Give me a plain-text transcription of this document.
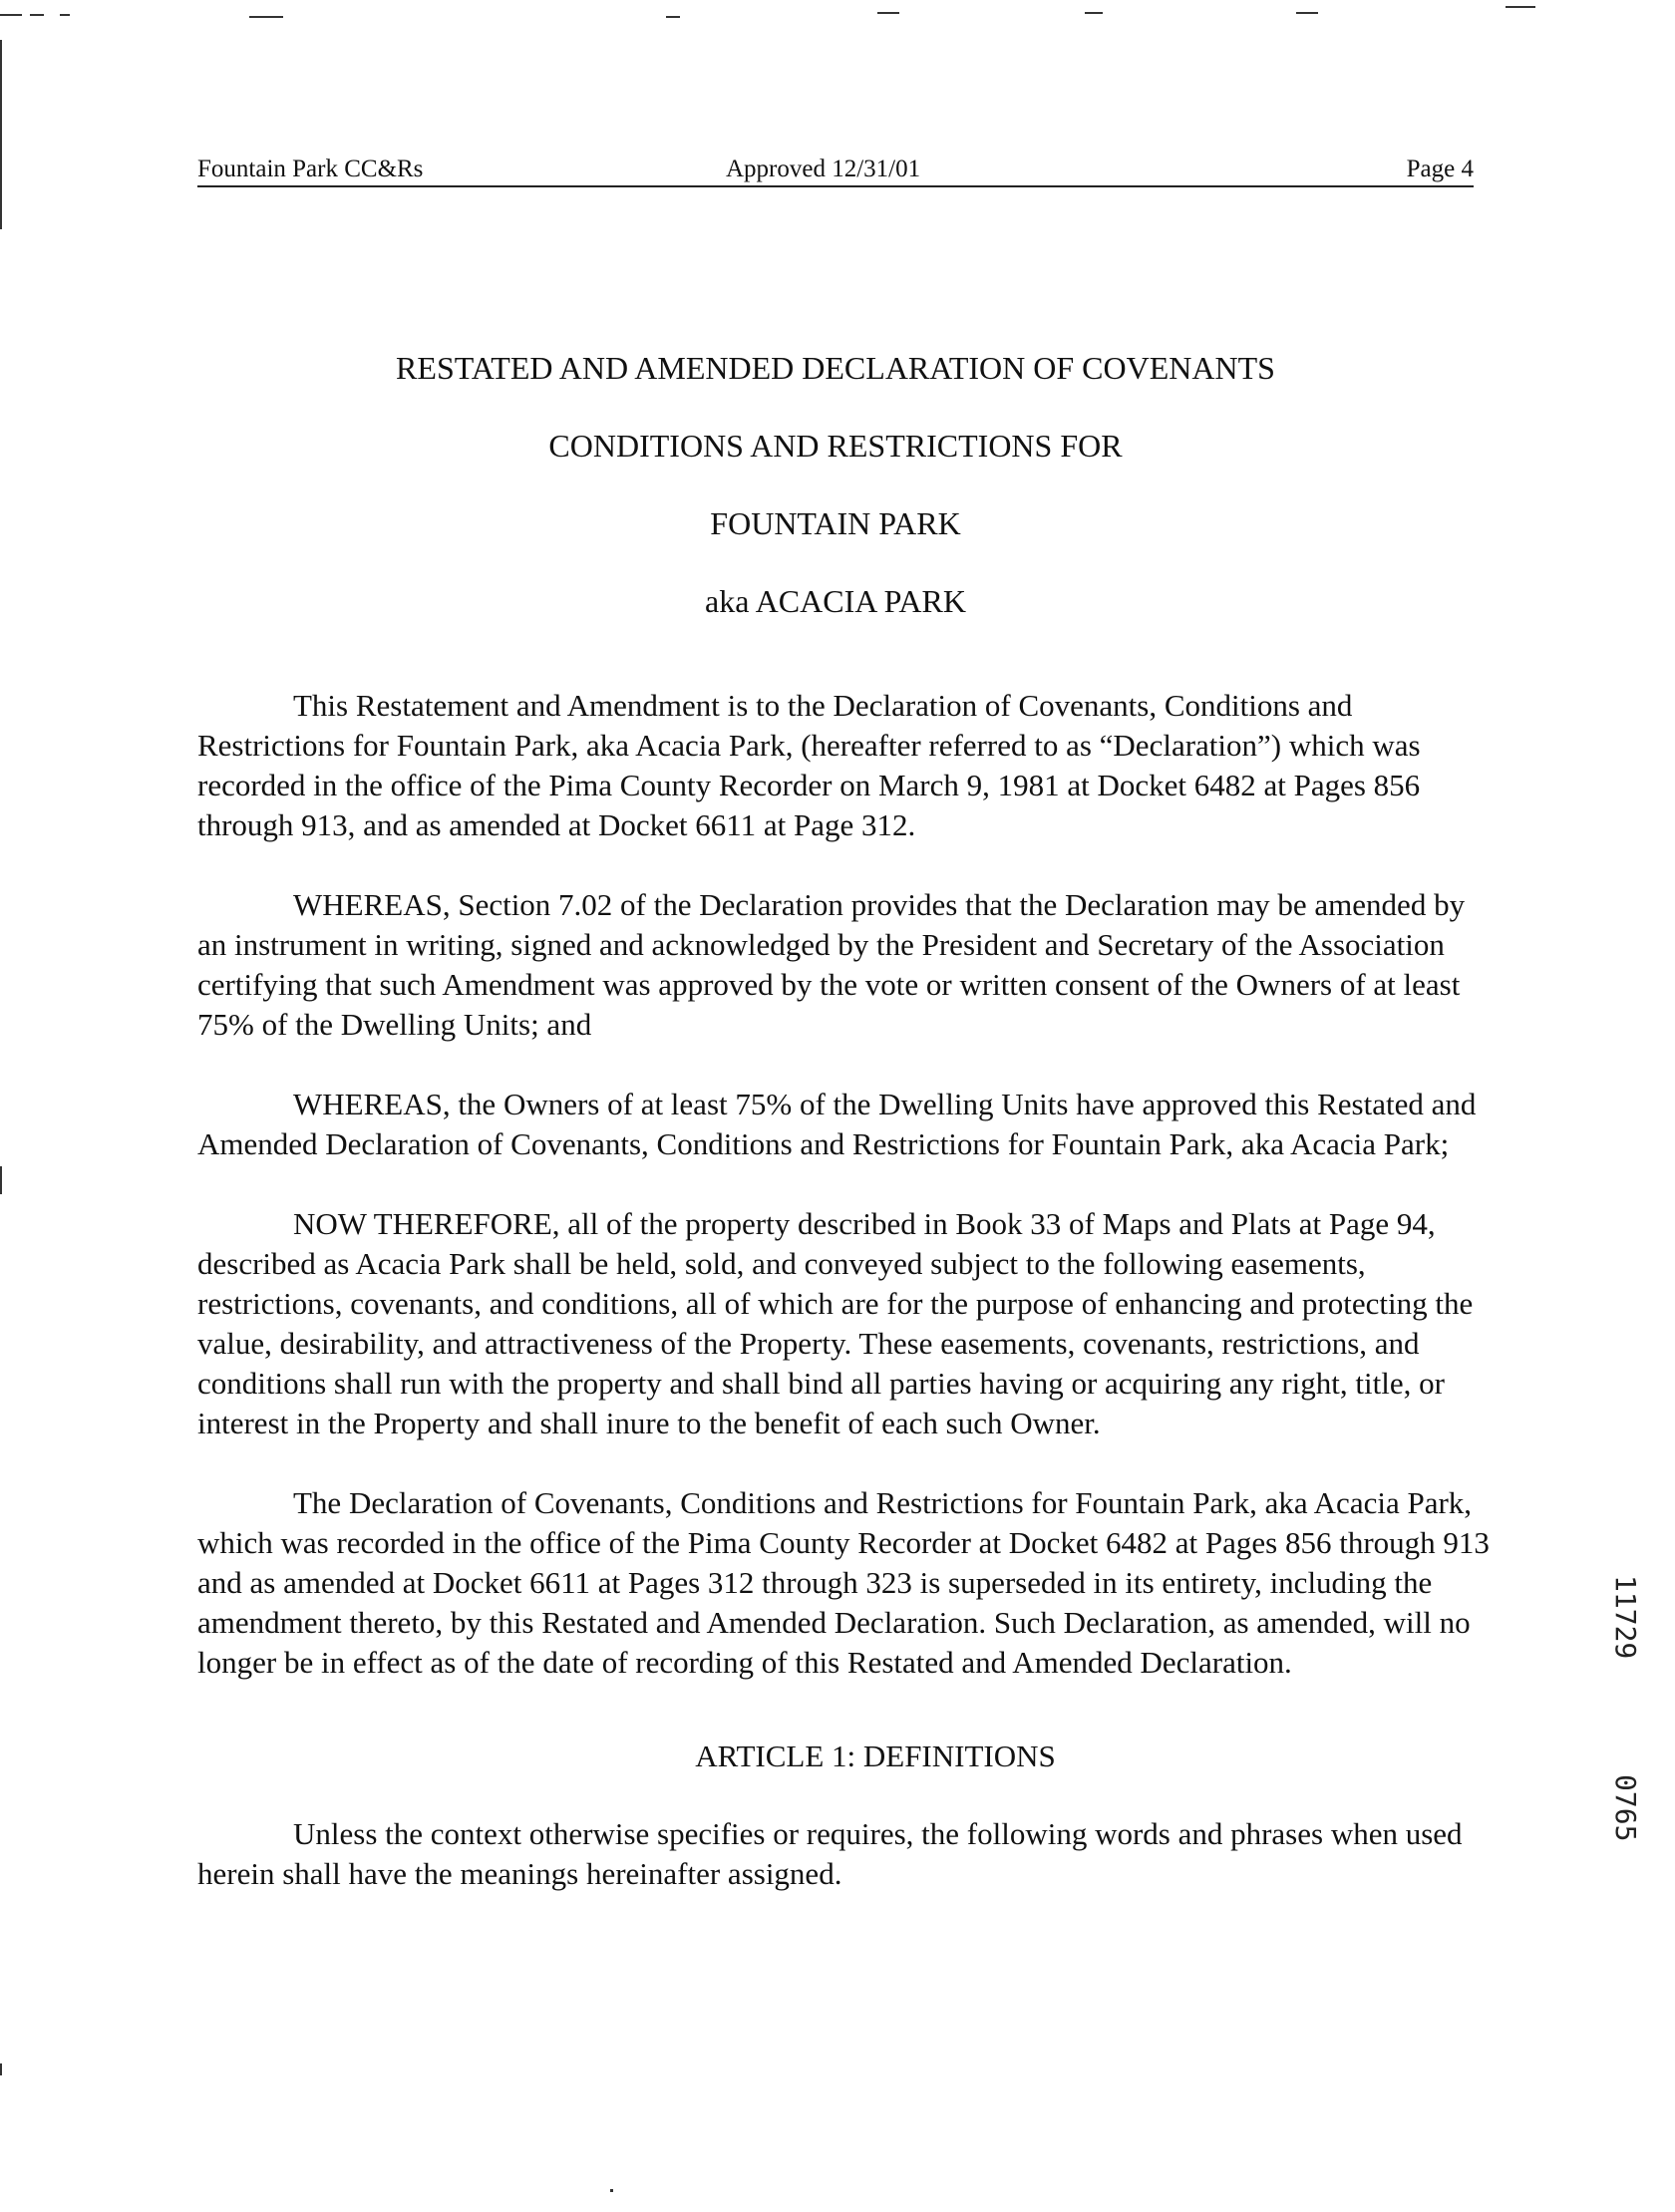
Fountain Park CC&Rs	Approved 12/31/01	Page 4
RESTATED AND AMENDED DECLARATION OF COVENANTS
CONDITIONS AND RESTRICTIONS FOR
FOUNTAIN PARK
aka ACACIA PARK

This Restatement and Amendment is to the Declaration of Covenants, Conditions and Restrictions for Fountain Park, aka Acacia Park, (hereafter referred to as “Declaration”) which was recorded in the office of the Pima County Recorder on March 9, 1981 at Docket 6482 at Pages 856 through 913, and as amended at Docket 6611 at Page 312.

WHEREAS, Section 7.02 of the Declaration provides that the Declaration may be amended by an instrument in writing, signed and acknowledged by the President and Secretary of the Association certifying that such Amendment was approved by the vote or written consent of the Owners of at least 75% of the Dwelling Units; and

WHEREAS, the Owners of at least 75% of the Dwelling Units have approved this Restated and Amended Declaration of Covenants, Conditions and Restrictions for Fountain Park, aka Acacia Park;

NOW THEREFORE, all of the property described in Book 33 of Maps and Plats at Page 94, described as Acacia Park shall be held, sold, and conveyed subject to the following easements, restrictions, covenants, and conditions, all of which are for the purpose of enhancing and protecting the value, desirability, and attractiveness of the Property. These easements, covenants, restrictions, and conditions shall run with the property and shall bind all parties having or acquiring any right, title, or interest in the Property and shall inure to the benefit of each such Owner.

The Declaration of Covenants, Conditions and Restrictions for Fountain Park, aka Acacia Park, which was recorded in the office of the Pima County Recorder at Docket 6482 at Pages 856 through 913 and as amended at Docket 6611 at Pages 312 through 323 is superseded in its entirety, including the amendment thereto, by this Restated and Amended Declaration. Such Declaration, as amended, will no longer be in effect as of the date of recording of this Restated and Amended Declaration.

ARTICLE 1: DEFINITIONS

Unless the context otherwise specifies or requires, the following words and phrases when used herein shall have the meanings hereinafter assigned.

11729
0765
